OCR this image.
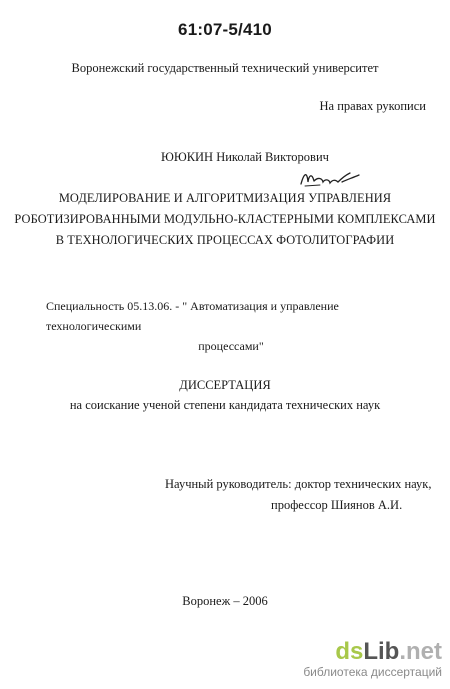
61:07-5/410
Воронежский государственный технический университет
На правах рукописи
ЮЮКИН Николай Викторович
МОДЕЛИРОВАНИЕ И АЛГОРИТМИЗАЦИЯ УПРАВЛЕНИЯ
РОБОТИЗИРОВАННЫМИ МОДУЛЬНО-КЛАСТЕРНЫМИ КОМПЛЕКСАМИ
В ТЕХНОЛОГИЧЕСКИХ ПРОЦЕССАХ ФОТОЛИТОГРАФИИ
Специальность 05.13.06. - " Автоматизация и управление технологическими
процессами"
ДИССЕРТАЦИЯ
на соискание ученой степени кандидата технических наук
Научный руководитель: доктор технических наук,
профессор Шиянов А.И.
Воронеж – 2006
dsLib.net
библиотека диссертаций
